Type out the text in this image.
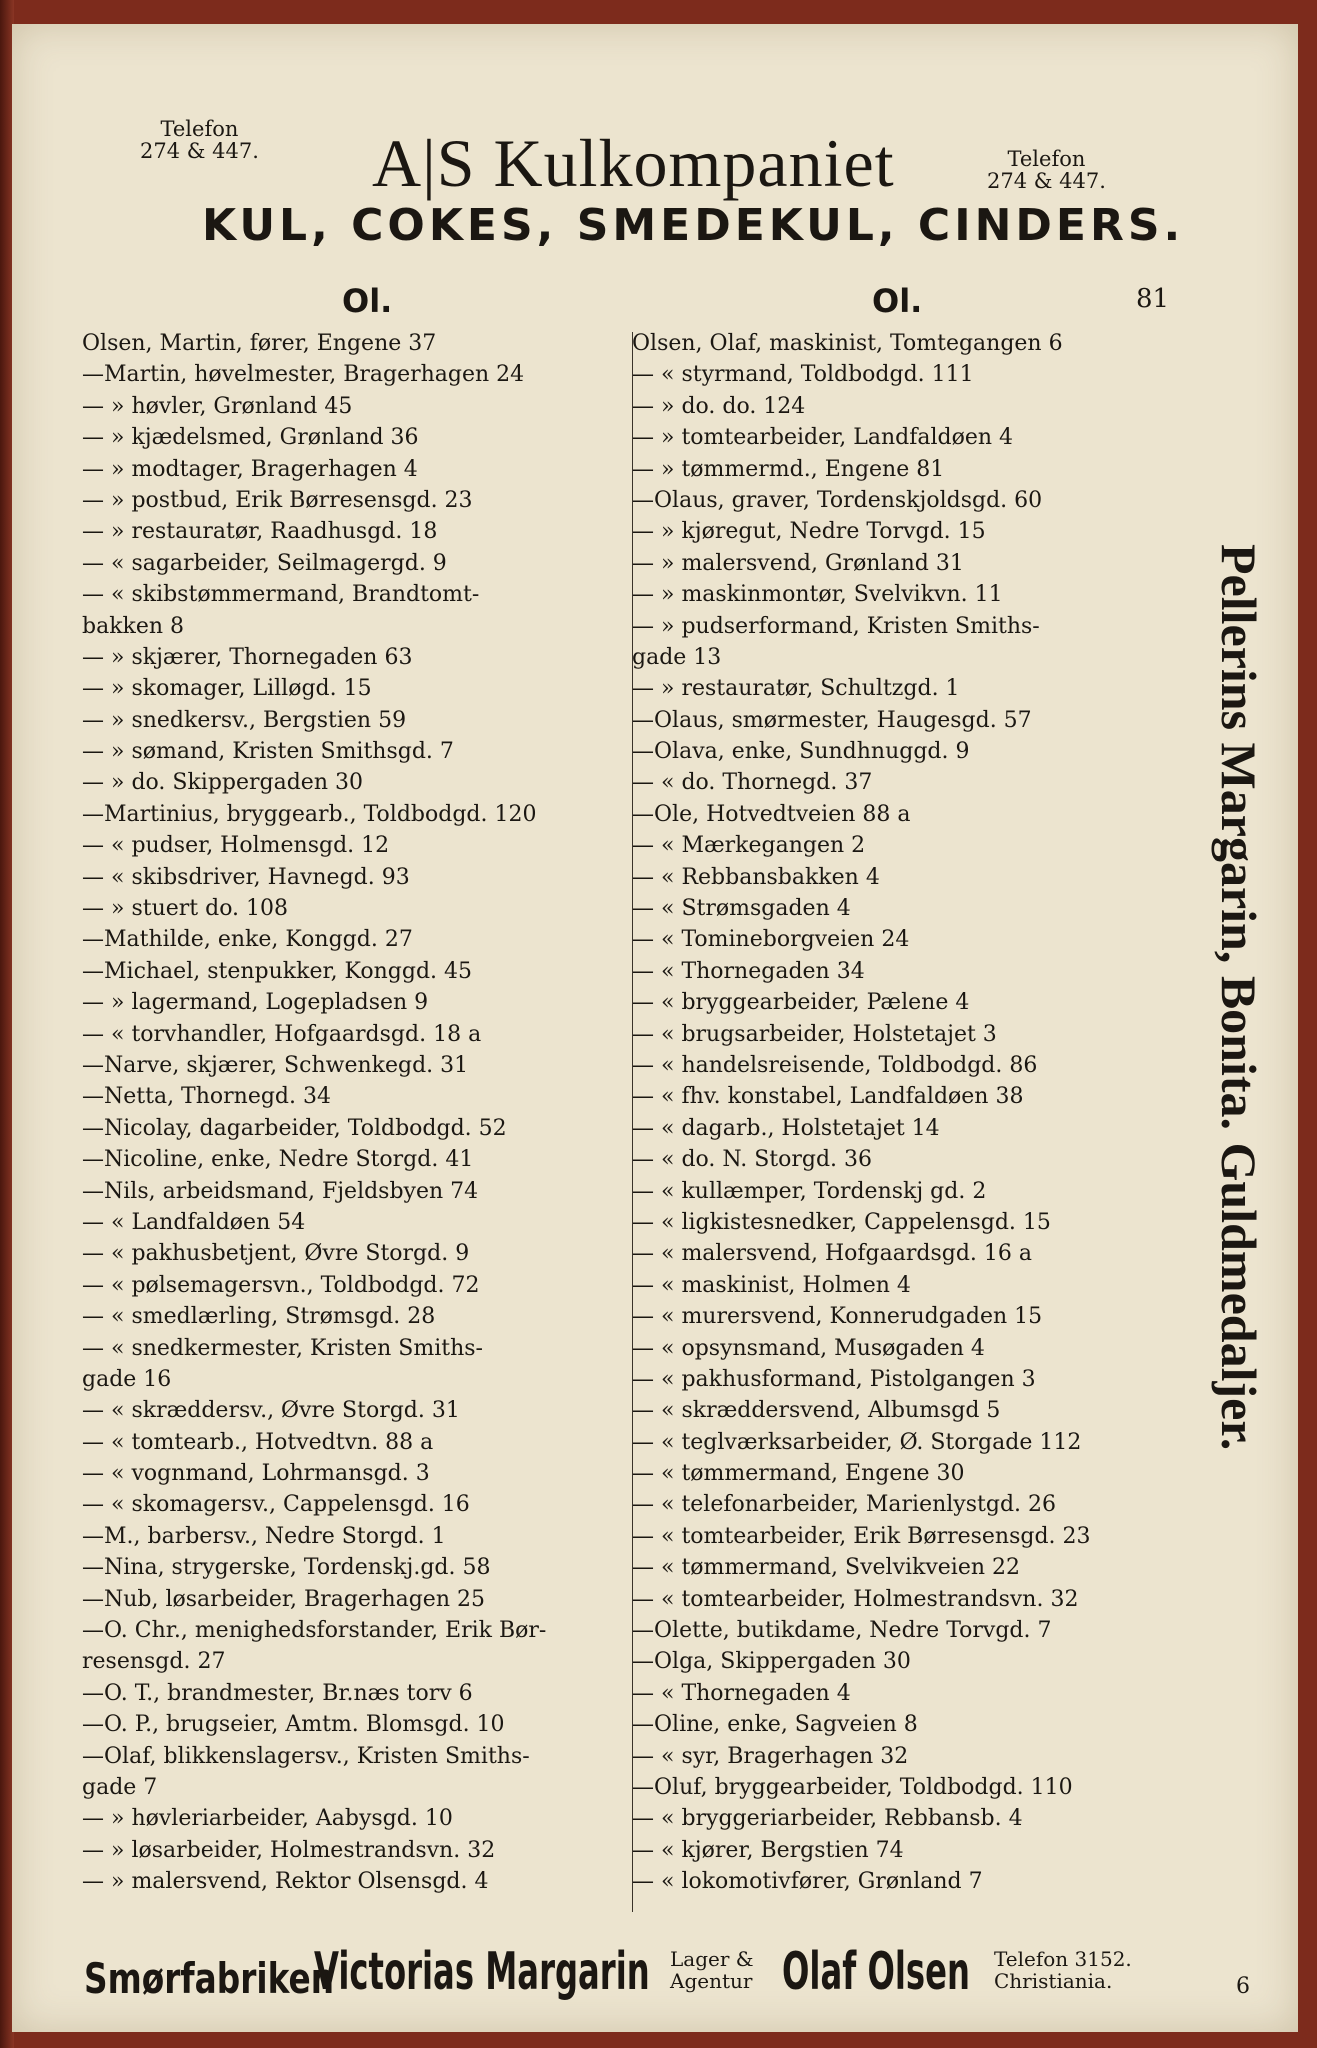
Telefon
274 & 447. A|S Kulkompaniet	Telefon
274 & 447.
KUL, COKES, SMEDEKUL, CINDERS.
Ol.	Ol.	81
Olsen, Martin, fører, Engene 37
—Martin, høvelmester, Bragerhagen 24
— » høvler, Grønland 45
— » kjædelsmed, Grønland 36
— » modtager, Bragerhagen 4
— » postbud, Erik Børresensgd. 23
— » restauratør, Raadhusgd. 18
— « sagarbeider, Seilmagergd. 9
— « skibstømmermand, Brandtomt-
bakken 8
— » skjærer, Thornegaden 63
— » skomager, Lilløgd. 15
— » snedkersv., Bergstien 59
— » sømand, Kristen Smithsgd. 7
— » do. Skippergaden 30
—Martinius, bryggearb., Toldbodgd. 120
— « pudser, Holmensgd. 12
— « skibsdriver, Havnegd. 93
— » stuert do. 108
—Mathilde, enke, Konggd. 27
—Michael, stenpukker, Konggd. 45
— » lagermand, Logepladsen 9
— « torvhandler, Hofgaardsgd. 18 a
—Narve, skjærer, Schwenkegd. 31
—Netta, Thornegd. 34
—Nicolay, dagarbeider, Toldbodgd. 52
—Nicoline, enke, Nedre Storgd. 41
—Nils, arbeidsmand, Fjeldsbyen 74
— « Landfaldøen 54
— « pakhusbetjent, Øvre Storgd. 9
— « pølsemagersvn., Toldbodgd. 72
— « smedlærling, Strømsgd. 28
— « snedkermester, Kristen Smiths-
gade 16
— « skræddersv., Øvre Storgd. 31
— « tomtearb., Hotvedtvn. 88 a
— « vognmand, Lohrmansgd. 3
— « skomagersv., Cappelensgd. 16
—M., barbersv., Nedre Storgd. 1
—Nina, strygerske, Tordenskj.gd. 58
—Nub, løsarbeider, Bragerhagen 25
—O. Chr., menighedsforstander, Erik Bør-
resensgd. 27
—O. T., brandmester, Br.næs torv 6
—O. P., brugseier, Amtm. Blomsgd. 10
—Olaf, blikkenslagersv., Kristen Smiths-
gade 7
— » høvleriarbeider, Aabysgd. 10
— » løsarbeider, Holmestrandsvn. 32
— » malersvend, Rektor Olsensgd. 4
Olsen, Olaf, maskinist, Tomtegangen 6
— « styrmand, Toldbodgd. 111
— » do. do. 124
— » tomtearbeider, Landfaldøen 4
— » tømmermd., Engene 81
—Olaus, graver, Tordenskjoldsgd. 60
— » kjøregut, Nedre Torvgd. 15
— » malersvend, Grønland 31
— » maskinmontør, Svelvikvn. 11
— » pudserformand, Kristen Smiths-
gade 13
— » restauratør, Schultzgd. 1
—Olaus, smørmester, Haugesgd. 57
—Olava, enke, Sundhnuggd. 9
— « do. Thornegd. 37
—Ole, Hotvedtveien 88 a
— « Mærkegangen 2
— « Rebbansbakken 4
— « Strømsgaden 4
— « Tomineborgveien 24
— « Thornegaden 34
— « bryggearbeider, Pælene 4
— « brugsarbeider, Holstetajet 3
— « handelsreisende, Toldbodgd. 86
— « fhv. konstabel, Landfaldøen 38
— « dagarb., Holstetajet 14
— « do. N. Storgd. 36
— « kullæmper, Tordenskj gd. 2
— « ligkistesnedker, Cappelensgd. 15
— « malersvend, Hofgaardsgd. 16 a
— « maskinist, Holmen 4
— « murersvend, Konnerudgaden 15
— « opsynsmand, Musøgaden 4
— « pakhusformand, Pistolgangen 3
— « skræddersvend, Albumsgd 5
— « teglværksarbeider, Ø. Storgade 112
— « tømmermand, Engene 30
— « telefonarbeider, Marienlystgd. 26
— « tomtearbeider, Erik Børresensgd. 23
— « tømmermand, Svelvikveien 22
— « tomtearbeider, Holmestrandsvn. 32
—Olette, butikdame, Nedre Torvgd. 7
—Olga, Skippergaden 30
— « Thornegaden 4
—Oline, enke, Sagveien 8
— « syr, Bragerhagen 32
—Oluf, bryggearbeider, Toldbodgd. 110
— « bryggeriarbeider, Rebbansb. 4
— « kjører, Bergstien 74
— « lokomotivfører, Grønland 7
Pellerins Margarin, Bonita. Guldmedaljer.
Smørfabriken
Victorias Margarin Lager &
Agentur Olaf Olsen Telefon 3152.
Christiania.	6
